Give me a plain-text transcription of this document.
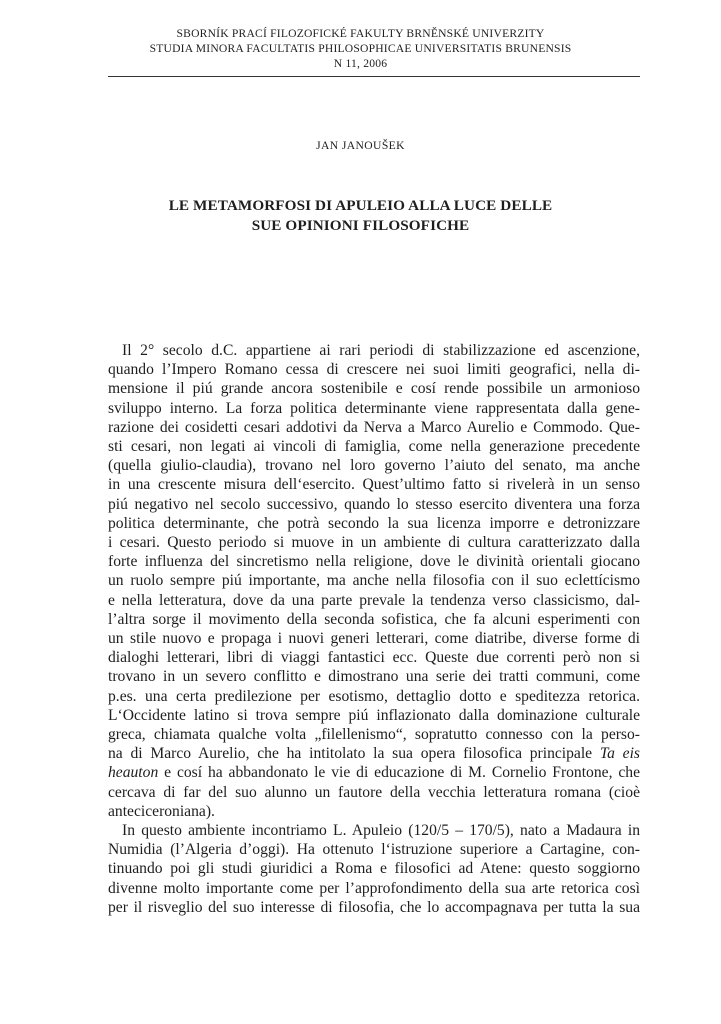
SBORNÍK PRACÍ FILOZOFICKÉ FAKULTY BRNĚNSKÉ UNIVERZITY
STUDIA MINORA FACULTATIS PHILOSOPHICAE UNIVERSITATIS BRUNENSIS
N 11, 2006
JAN JANOUŠEK
LE METAMORFOSI DI APULEIO ALLA LUCE DELLE
SUE OPINIONI FILOSOFICHE
Il 2° secolo d.C. appartiene ai rari periodi di stabilizzazione ed ascenzione,
quando l’Impero Romano cessa di crescere nei suoi limiti geografici, nella di-
mensione il piú grande ancora sostenibile e cosí rende possibile un armonioso
sviluppo interno. La forza politica determinante viene rappresentata dalla gene-
razione dei cosidetti cesari addotivi da Nerva a Marco Aurelio e Commodo. Que-
sti cesari, non legati ai vincoli di famiglia, come nella generazione precedente
(quella giulio-claudia), trovano nel loro governo l’aiuto del senato, ma anche
in una crescente misura dell‘esercito. Quest’ultimo fatto si rivelerà in un senso
piú negativo nel secolo successivo, quando lo stesso esercito diventera una forza
politica determinante, che potrà secondo la sua licenza imporre e detronizzare
i cesari. Questo periodo si muove in un ambiente di cultura caratterizzato dalla
forte influenza del sincretismo nella religione, dove le divinità orientali giocano
un ruolo sempre piú importante, ma anche nella filosofia con il suo eclettícismo
e nella letteratura, dove da una parte prevale la tendenza verso classicismo, dal-
l’altra sorge il movimento della seconda sofistica, che fa alcuni esperimenti con
un stile nuovo e propaga i nuovi generi letterari, come diatribe, diverse forme di
dialoghi letterari, libri di viaggi fantastici ecc. Queste due correnti però non si
trovano in un severo conflitto e dimostrano una serie dei tratti communi, come
p.es. una certa predilezione per esotismo, dettaglio dotto e speditezza retorica.
L‘Occidente latino si trova sempre piú inflazionato dalla dominazione culturale
greca, chiamata qualche volta „filellenismo“, sopratutto connesso con la perso-
na di Marco Aurelio, che ha intitolato la sua opera filosofica principale Ta eis
heauton e cosí ha abbandonato le vie di educazione di M. Cornelio Frontone, che
cercava di far del suo alunno un fautore della vecchia letteratura romana (cioè
anteciceroniana).
In questo ambiente incontriamo L. Apuleio (120/5 – 170/5), nato a Madaura in
Numidia (l’Algeria d’oggi). Ha ottenuto l‘istruzione superiore a Cartagine, con-
tinuando poi gli studi giuridici a Roma e filosofici ad Atene: questo soggiorno
divenne molto importante come per l’approfondimento della sua arte retorica così
per il risveglio del suo interesse di filosofia, che lo accompagnava per tutta la sua
